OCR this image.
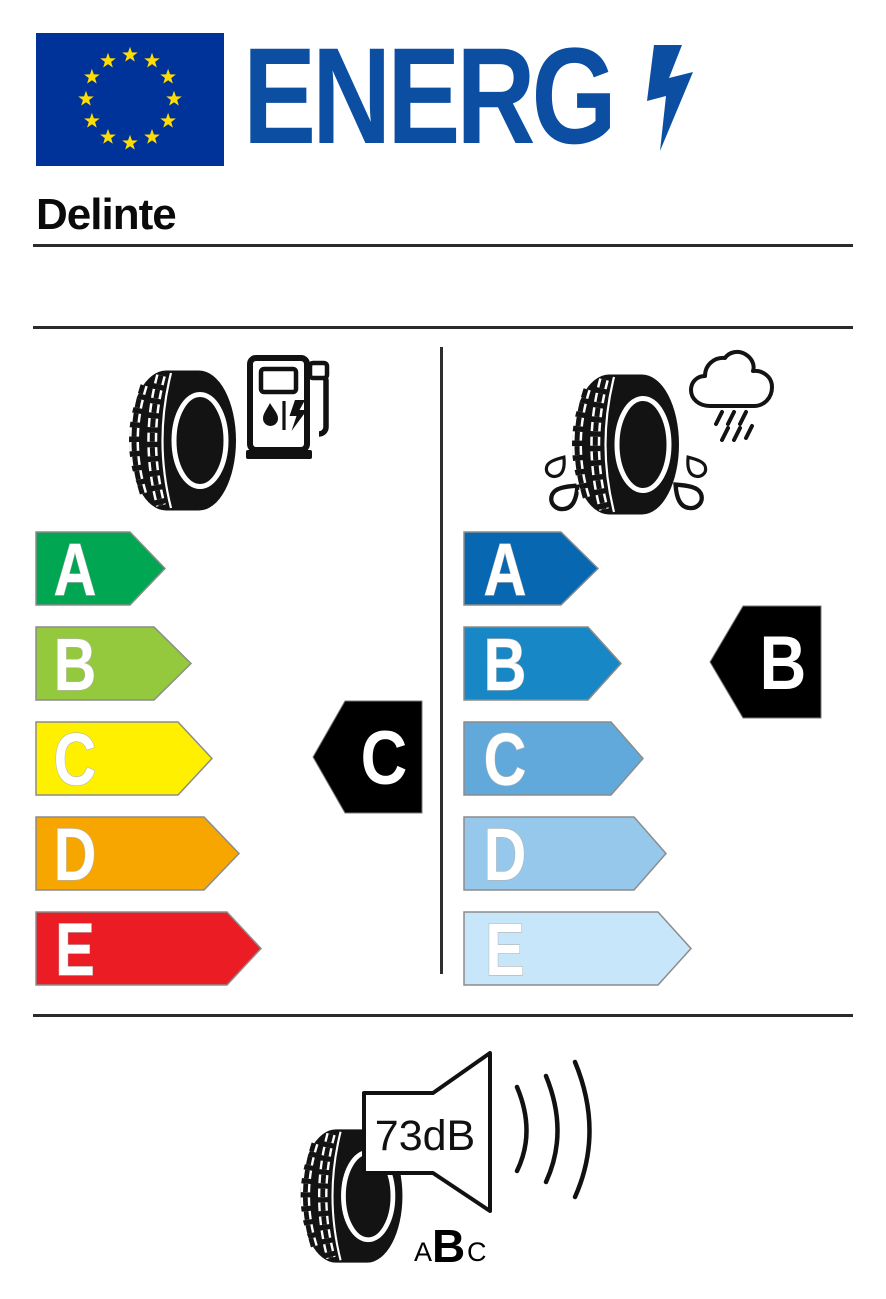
ENERG
Delinte
A
B
C
D
E
C
A
B
C
D
E
B
73dB
A B C
